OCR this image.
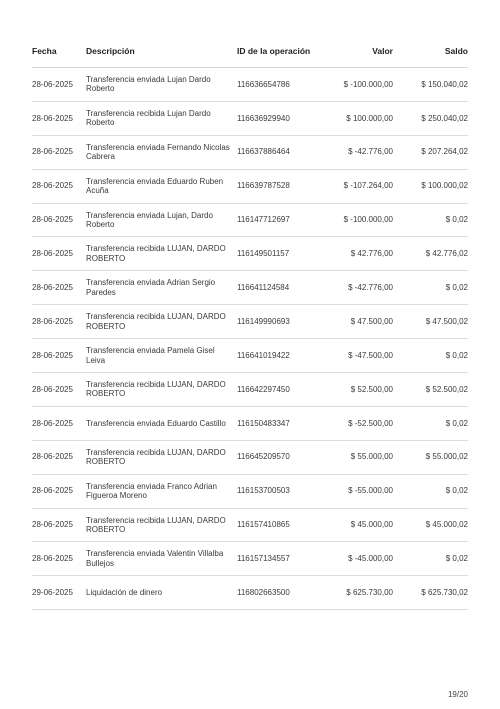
Fecha	Descripción	ID de la operación	Valor	Saldo
28-06-2025	Transferencia enviada Lujan Dardo Roberto	116636654786	$ -100.000,00	$ 150.040,02
28-06-2025	Transferencia recibida Lujan Dardo Roberto	116636929940	$ 100.000,00	$ 250.040,02
28-06-2025	Transferencia enviada Fernando Nicolas Cabrera	116637886464	$ -42.776,00	$ 207.264,02
28-06-2025	Transferencia enviada Eduardo Ruben Acuña	116639787528	$ -107.264,00	$ 100.000,02
28-06-2025	Transferencia enviada Lujan, Dardo Roberto	116147712697	$ -100.000,00	$ 0,02
28-06-2025	Transferencia recibida LUJAN, DARDO ROBERTO	116149501157	$ 42.776,00	$ 42.776,02
28-06-2025	Transferencia enviada Adrian Sergio Paredes	116641124584	$ -42.776,00	$ 0,02
28-06-2025	Transferencia recibida LUJAN, DARDO ROBERTO	116149990693	$ 47.500,00	$ 47.500,02
28-06-2025	Transferencia enviada Pamela Gisel Leiva	116641019422	$ -47.500,00	$ 0,02
28-06-2025	Transferencia recibida LUJAN, DARDO ROBERTO	116642297450	$ 52.500,00	$ 52.500,02
28-06-2025	Transferencia enviada Eduardo Castillo	116150483347	$ -52.500,00	$ 0,02
28-06-2025	Transferencia recibida LUJAN, DARDO ROBERTO	116645209570	$ 55.000,00	$ 55.000,02
28-06-2025	Transferencia enviada Franco Adrian Figueroa Moreno	116153700503	$ -55.000,00	$ 0,02
28-06-2025	Transferencia recibida LUJAN, DARDO ROBERTO	116157410865	$ 45.000,00	$ 45.000,02
28-06-2025	Transferencia enviada Valentin Villalba Bullejos	116157134557	$ -45.000,00	$ 0,02
29-06-2025	Liquidación de dinero	116802663500	$ 625.730,00	$ 625.730,02
19/20
